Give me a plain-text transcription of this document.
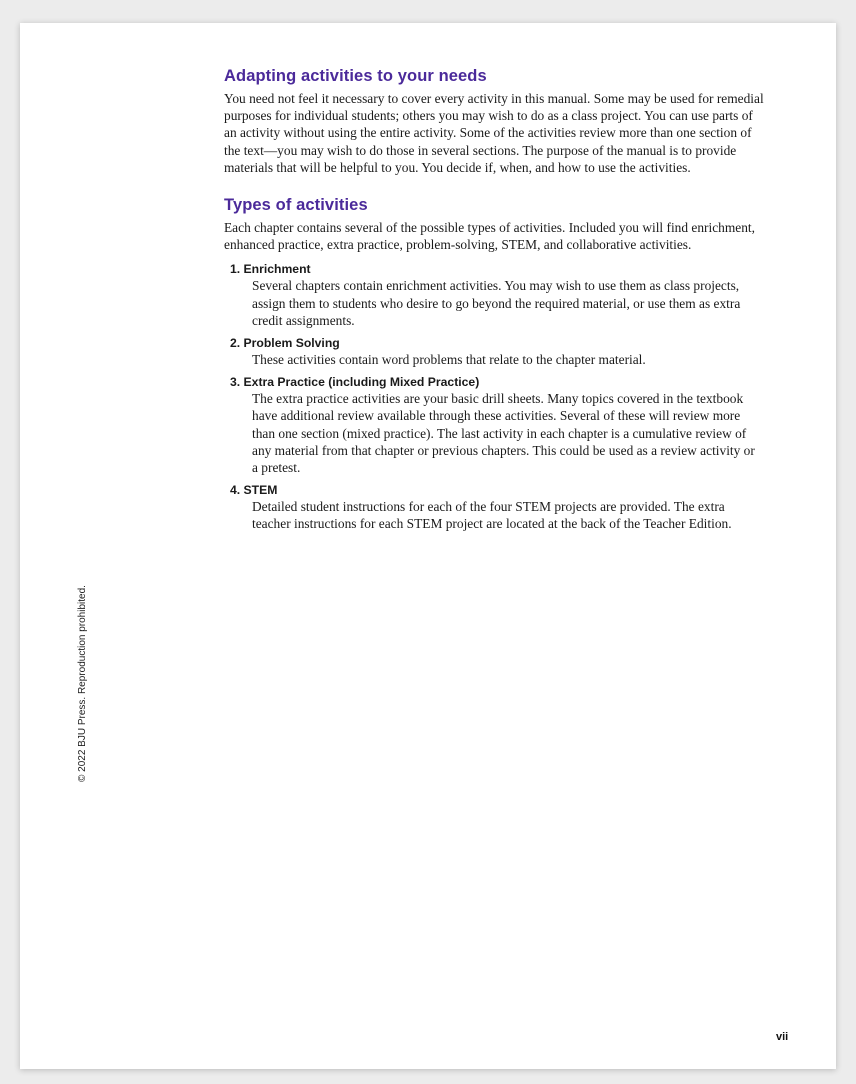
Adapting activities to your needs

You need not feel it necessary to cover every activity in this manual. Some may be used for remedial purposes for individual students; others you may wish to do as a class project. You can use parts of an activity without using the entire activity. Some of the activities review more than one section of the text—you may wish to do those in several sections. The purpose of the manual is to provide materials that will be helpful to you. You decide if, when, and how to use the activities.

Types of activities

Each chapter contains several of the possible types of activities. Included you will find enrichment, enhanced practice, extra practice, problem-solving, STEM, and collaborative activities.

1. Enrichment
Several chapters contain enrichment activities. You may wish to use them as class projects, assign them to students who desire to go beyond the required material, or use them as extra credit assignments.
2. Problem Solving
These activities contain word problems that relate to the chapter material.
3. Extra Practice (including Mixed Practice)
The extra practice activities are your basic drill sheets. Many topics covered in the textbook have additional review available through these activities. Several of these will review more than one section (mixed practice). The last activity in each chapter is a cumulative review of any material from that chapter or previous chapters. This could be used as a review activity or a pretest.
4. STEM
Detailed student instructions for each of the four STEM projects are provided. The extra teacher instructions for each STEM project are located at the back of the Teacher Edition.
© 2022 BJU Press. Reproduction prohibited.
vii
